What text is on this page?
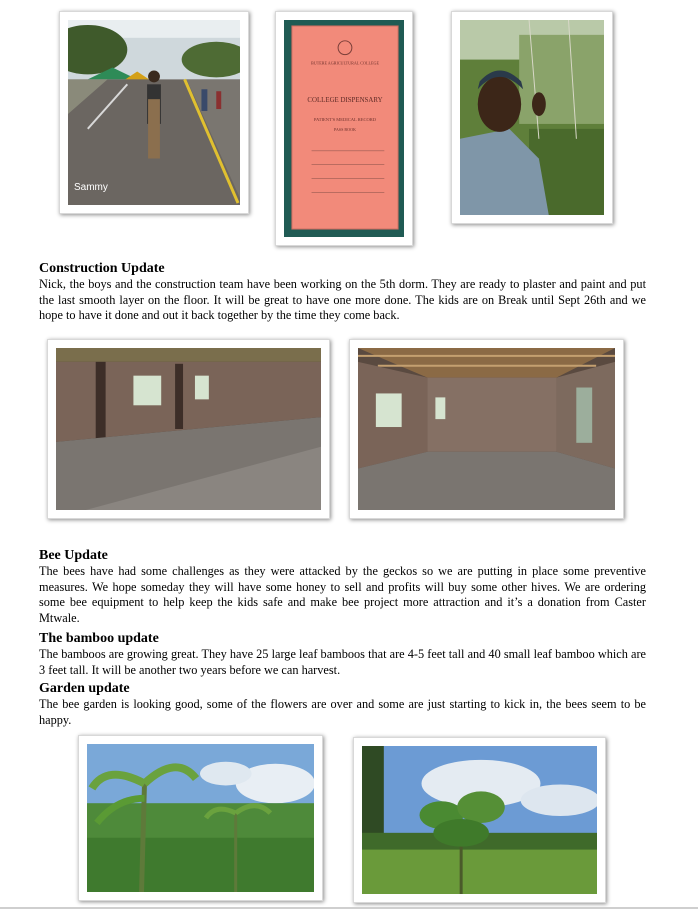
Sammy
BUTERE AGRICULTURAL COLLEGE
COLLEGE DISPENSARY
PATIENT'S MEDICAL RECORD
PASS BOOK
Construction Update
Nick, the boys and the construction team have been working on the 5th dorm. They are ready to plaster and paint and put the last smooth layer on the floor. It will be great to have one more done. The kids are on Break until Sept 26th and we hope to have it done and out it back together by the time they come back.
Bee Update
The bees have had some challenges as they were attacked by the geckos so we are putting in place some preventive measures. We hope someday they will have some honey to sell and profits will buy some other hives. We are ordering some bee equipment to help keep the kids safe and make bee project more attraction and it’s a donation from Caster Mtwale.
The bamboo update
The bamboos are growing great. They have 25 large leaf bamboos that are 4-5 feet tall and 40 small leaf bamboo which are 3 feet tall. It will be another two years before we can harvest.
Garden update
The bee garden is looking good, some of the flowers are over and some are just starting to kick in, the bees seem to be happy.
